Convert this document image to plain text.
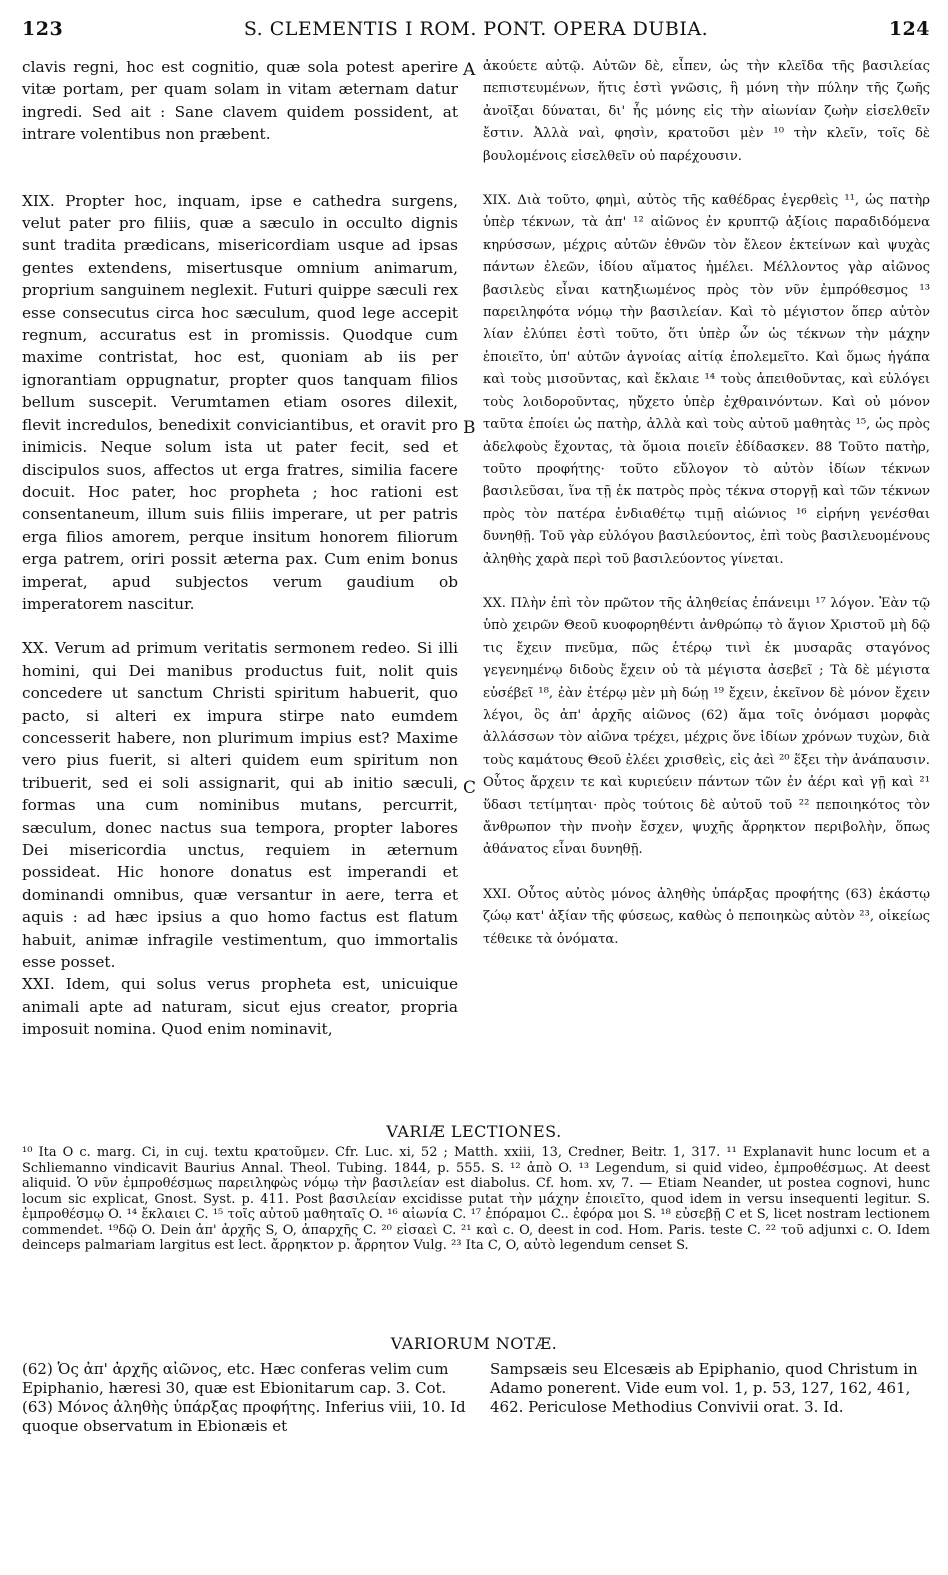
123	S. CLEMENTIS I ROM. PONT. OPERA DUBIA.	124

clavis regni, hoc est cognitio, quæ sola potest aperire vitæ portam, per quam solam in vitam æternam datur ingredi. Sed ait : Sane clavem quidem possident, at intrare volentibus non præbent.

XIX. Propter hoc, inquam, ipse e cathedra surgens, velut pater pro filiis, quæ a sæculo in occulto dignis sunt tradita prædicans, misericordiam usque ad ipsas gentes extendens, misertusque omnium animarum, proprium sanguinem neglexit. Futuri quippe sæculi rex esse consecutus circa hoc sæculum, quod lege accepit regnum, accuratus est in promissis. Quodque cum maxime contristat, hoc est, quoniam ab iis per ignorantiam oppugnatur, propter quos tanquam filios bellum suscepit. Verumtamen etiam osores dilexit, flevit incredulos, benedixit conviciantibus, et oravit pro inimicis. Neque solum ista ut pater fecit, sed et discipulos suos, affectos ut erga fratres, similia facere docuit. Hoc pater, hoc propheta ; hoc rationi est consentaneum, illum suis filiis imperare, ut per patris erga filios amorem, perque insitum honorem filiorum erga patrem, oriri possit æterna pax. Cum enim bonus imperat, apud subjectos verum gaudium ob imperatorem nascitur.

XX. Verum ad primum veritatis sermonem redeo. Si illi homini, qui Dei manibus productus fuit, nolit quis concedere ut sanctum Christi spiritum habuerit, quo pacto, si alteri ex impura stirpe nato eumdem concesserit habere, non plurimum impius est? Maxime vero pius fuerit, si alteri quidem eum spiritum non tribuerit, sed ei soli assignarit, qui ab initio sæculi, formas una cum nominibus mutans, percurrit, sæculum, donec nactus sua tempora, propter labores Dei misericordia unctus, requiem in æternum possideat. Hic honore donatus est imperandi et dominandi omnibus, quæ versantur in aere, terra et aquis : ad hæc ipsius a quo homo factus est flatum habuit, animæ infragile vestimentum, quo immortalis esse posset.

XXI. Idem, qui solus verus propheta est, unicuique animali apte ad naturam, sicut ejus creator, propria imposuit nomina. Quod enim nominavit,

A
B
C

ἀκούετε αὐτῷ. Αὐτῶν δὲ, εἶπεν, ὡς τὴν κλεῖδα τῆς βασιλείας πεπιστευμένων, ἥτις ἐστὶ γνῶσις, ἣ μόνη τὴν πύλην τῆς ζωῆς ἀνοῖξαι δύναται, δι' ἧς μόνης εἰς τὴν αἰωνίαν ζωὴν εἰσελθεῖν ἔστιν. Ἀλλὰ ναὶ, φησὶν, κρατοῦσι μὲν ¹⁰ τὴν κλεῖν, τοῖς δὲ βουλομένοις εἰσελθεῖν οὐ παρέχουσιν.

XIX. Διὰ τοῦτο, φημὶ, αὐτὸς τῆς καθέδρας ἐγερθεὶς ¹¹, ὡς πατὴρ ὑπὲρ τέκνων, τὰ ἀπ' ¹² αἰῶνος ἐν κρυπτῷ ἀξίοις παραδιδόμενα κηρύσσων, μέχρις αὐτῶν ἐθνῶν τὸν ἔλεον ἐκτείνων καὶ ψυχὰς πάντων ἐλεῶν, ἰδίου αἵματος ἠμέλει. Μέλλοντος γὰρ αἰῶνος βασιλεὺς εἶναι κατηξιωμένος πρὸς τὸν νῦν ἐμπρόθεσμος ¹³ παρειληφότα νόμῳ τὴν βασιλείαν. Καὶ τὸ μέγιστον ὅπερ αὐτὸν λίαν ἐλύπει ἐστὶ τοῦτο, ὅτι ὑπὲρ ὧν ὡς τέκνων τὴν μάχην ἐποιεῖτο, ὑπ' αὐτῶν ἀγνοίας αἰτίᾳ ἐπολεμεῖτο. Καὶ ὅμως ἠγάπα καὶ τοὺς μισοῦντας, καὶ ἔκλαιε ¹⁴ τοὺς ἀπειθοῦντας, καὶ εὐλόγει τοὺς λοιδοροῦντας, ηὔχετο ὑπὲρ ἐχθραινόντων. Καὶ οὐ μόνον ταῦτα ἐποίει ὡς πατὴρ, ἀλλὰ καὶ τοὺς αὐτοῦ μαθητὰς ¹⁵, ὡς πρὸς ἀδελφοὺς ἔχοντας, τὰ ὅμοια ποιεῖν ἐδίδασκεν. 88 Τοῦτο πατὴρ, τοῦτο προφήτης· τοῦτο εὔλογον τὸ αὐτὸν ἰδίων τέκνων βασιλεῦσαι, ἵνα τῇ ἐκ πατρὸς πρὸς τέκνα στοργῇ καὶ τῶν τέκνων πρὸς τὸν πατέρα ἐνδιαθέτῳ τιμῇ αἰώνιος ¹⁶ εἰρήνη γενέσθαι δυνηθῇ. Τοῦ γὰρ εὐλόγου βασιλεύοντος, ἐπὶ τοὺς βασιλευομένους ἀληθὴς χαρὰ περὶ τοῦ βασιλεύοντος γίνεται.

XX. Πλὴν ἐπὶ τὸν πρῶτον τῆς ἀληθείας ἐπάνειμι ¹⁷ λόγον. Ἐὰν τῷ ὑπὸ χειρῶν Θεοῦ κυοφορηθέντι ἀνθρώπῳ τὸ ἅγιον Χριστοῦ μὴ δῷ τις ἔχειν πνεῦμα, πῶς ἑτέρῳ τινὶ ἐκ μυσαρᾶς σταγόνος γεγενημένῳ διδοὺς ἔχειν οὐ τὰ μέγιστα ἀσεβεῖ ; Τὰ δὲ μέγιστα εὐσέβεῖ ¹⁸, ἐὰν ἑτέρῳ μὲν μὴ δώῃ ¹⁹ ἔχειν, ἐκεῖνον δὲ μόνον ἔχειν λέγοι, ὃς ἀπ' ἀρχῆς αἰῶνος (62) ἅμα τοῖς ὀνόμασι μορφὰς ἀλλάσσων τὸν αἰῶνα τρέχει, μέχρις ὅνε ἰδίων χρόνων τυχὼν, διὰ τοὺς καμάτους Θεοῦ ἐλέει χρισθεὶς, εἰς ἀεὶ ²⁰ ἕξει τὴν ἀνάπαυσιν. Οὗτος ἄρχειν τε καὶ κυριεύειν πάντων τῶν ἐν ἀέρι καὶ γῇ καὶ ²¹ ὕδασι τετίμηται· πρὸς τούτοις δὲ αὐτοῦ τοῦ ²² πεποιηκότος τὸν ἄνθρωπον τὴν πνοὴν ἔσχεν, ψυχῆς ἄρρηκτον περιβολὴν, ὅπως ἀθάνατος εἶναι δυνηθῇ.

XXI. Οὗτος αὐτὸς μόνος ἀληθὴς ὑπάρξας προφήτης (63) ἑκάστῳ ζώῳ κατ' ἀξίαν τῆς φύσεως, καθὼς ὁ πεποιηκὼς αὐτὸν ²³, οἰκείως τέθεικε τὰ ὀνόματα.

VARIÆ LECTIONES.

¹⁰ Ita O c. marg. Ci, in cuj. textu κρατοῦμεν. Cfr. Luc. xi, 52 ; Matth. xxiii, 13, Credner, Beitr. 1, 317. ¹¹ Explanavit hunc locum et a Schliemanno vindicavit Baurius Annal. Theol. Tubing. 1844, p. 555. S. ¹² ἀπὸ O. ¹³ Legendum, si quid video, ἐμπροθέσμως. At deest aliquid. Ὁ νῦν ἐμπροθέσμως παρειληφὼς νόμῳ τὴν βασιλείαν est diabolus. Cf. hom. xv, 7. — Etiam Neander, ut postea cognovi, hunc locum sic explicat, Gnost. Syst. p. 411. Post βασιλείαν excidisse putat τὴν μάχην ἐποιεῖτο, quod idem in versu insequenti legitur. S. ἐμπροθέσμῳ O. ¹⁴ ἔκλαιει C. ¹⁵ τοῖς αὐτοῦ μαθηταῖς O. ¹⁶ αἰωνία C. ¹⁷ ἐπόραμοι C.. ἐφόρα μοι S. ¹⁸ εὐσεβῇ C et S, licet nostram lectionem commendet. ¹⁹δῷ O. Dein ἀπ' ἀρχῆς S, O, ἀπαρχῆς C. ²⁰ εἰσαεὶ C. ²¹ καὶ c. O, deest in cod. Hom. Paris. teste C. ²² τοῦ adjunxi c. O. Idem deinceps palmariam largitus est lect. ἄρρηκτον p. ἄρρητον Vulg. ²³ Ita C, O, αὐτὸ legendum censet S.

VARIORUM NOTÆ.

(62) Ὁς ἀπ' ἀρχῆς αἰῶνος, etc. Hæc conferas velim cum Epiphanio, hæresi 30, quæ est Ebionitarum cap. 3. Cot.
(63) Μόνος ἀληθὴς ὑπάρξας προφήτης. Inferius viii, 10. Id quoque observatum in Ebionæis et

Sampsæis seu Elcesæis ab Epiphanio, quod Christum in Adamo ponerent. Vide eum vol. 1, p. 53, 127, 162, 461, 462. Periculose Methodius Convivii orat. 3. Id.
